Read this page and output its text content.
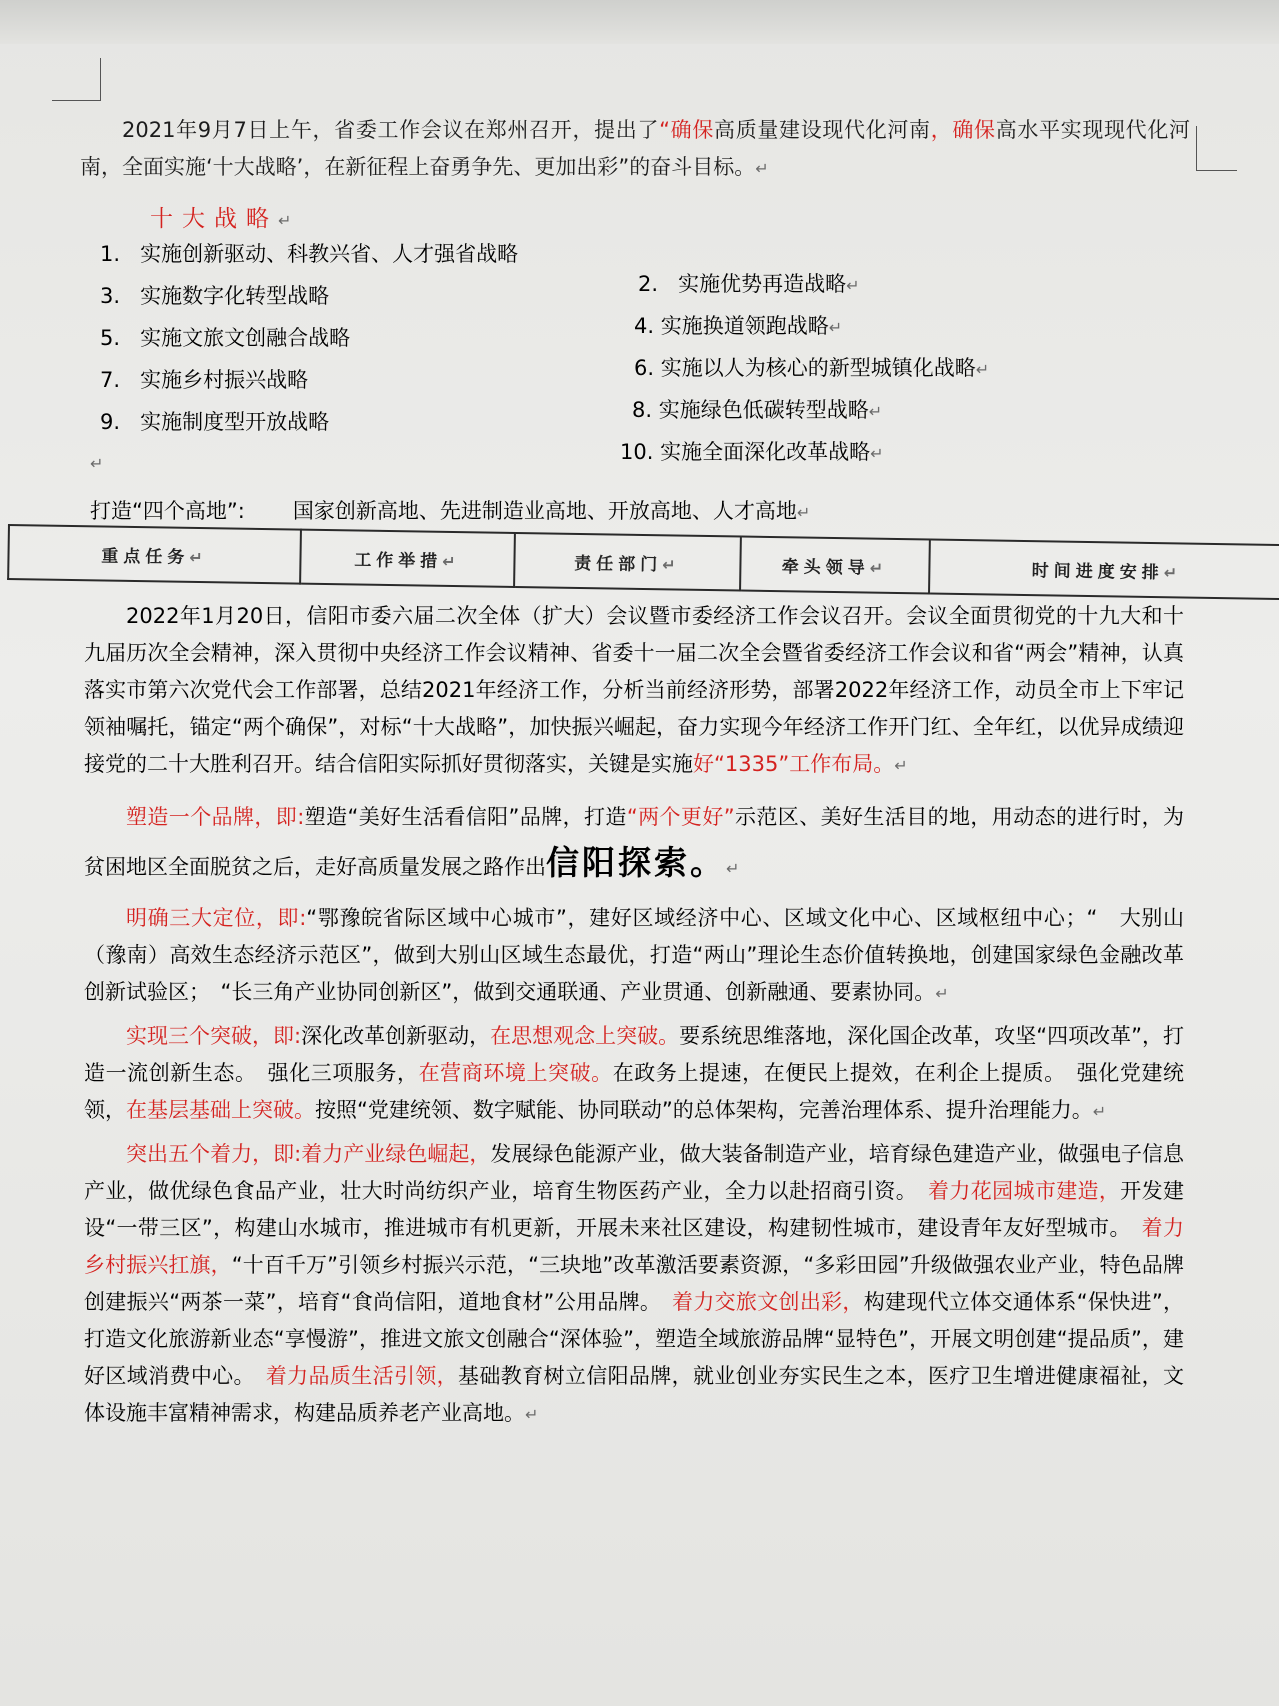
2021年9月7日上午，省委工作会议在郑州召开，提出了“确保高质量建设现代化河南，确保高水平实现现代化河南，全面实施‘十大战略’，在新征程上奋勇争先、更加出彩”的奋斗目标。↵

十大战略↵
1. 实施创新驱动、科教兴省、人才强省战略
3. 实施数字化转型战略
5. 实施文旅文创融合战略
7. 实施乡村振兴战略
9. 实施制度型开放战略
2. 实施优势再造战略↵
4. 实施换道领跑战略↵
6. 实施以人为核心的新型城镇化战略↵
8. 实施绿色低碳转型战略↵
10. 实施全面深化改革战略↵
↵
打造“四个高地”: 国家创新高地、先进制造业高地、开放高地、人才高地↵
重点任务↵	工作举措↵	责任部门↵	牵头领导↵	时间进度安排↵

2022年1月20日，信阳市委六届二次全体（扩大）会议暨市委经济工作会议召开。会议全面贯彻党的十九大和十九届历次全会精神，深入贯彻中央经济工作会议精神、省委十一届二次全会暨省委经济工作会议和省“两会”精神，认真落实市第六次党代会工作部署，总结2021年经济工作，分析当前经济形势，部署2022年经济工作，动员全市上下牢记领袖嘱托，锚定“两个确保”，对标“十大战略”，加快振兴崛起，奋力实现今年经济工作开门红、全年红，以优异成绩迎接党的二十大胜利召开。结合信阳实际抓好贯彻落实，关键是实施好“1335”工作布局。↵

塑造一个品牌，即:塑造“美好生活看信阳”品牌，打造“两个更好”示范区、美好生活目的地，用动态的进行时，为贫困地区全面脱贫之后，走好高质量发展之路作出信阳探索。↵

明确三大定位，即:“鄂豫皖省际区域中心城市”，建好区域经济中心、区域文化中心、区域枢纽中心；“　大别山（豫南）高效生态经济示范区”，做到大别山区域生态最优，打造“两山”理论生态价值转换地，创建国家绿色金融改革创新试验区；　“长三角产业协同创新区”，做到交通联通、产业贯通、创新融通、要素协同。↵

实现三个突破，即:深化改革创新驱动，在思想观念上突破。要系统思维落地，深化国企改革，攻坚“四项改革”，打造一流创新生态。　强化三项服务，在营商环境上突破。在政务上提速，在便民上提效，在利企上提质。　强化党建统领，在基层基础上突破。按照“党建统领、数字赋能、协同联动”的总体架构，完善治理体系、提升治理能力。↵

突出五个着力，即:着力产业绿色崛起，发展绿色能源产业，做大装备制造产业，培育绿色建造产业，做强电子信息产业，做优绿色食品产业，壮大时尚纺织产业，培育生物医药产业，全力以赴招商引资。　着力花园城市建造，开发建设“一带三区”，构建山水城市，推进城市有机更新，开展未来社区建设，构建韧性城市，建设青年友好型城市。　着力乡村振兴扛旗，“十百千万”引领乡村振兴示范，“三块地”改革激活要素资源，“多彩田园”升级做强农业产业，特色品牌创建振兴“两茶一菜”，培育“食尚信阳，道地食材”公用品牌。　着力交旅文创出彩，构建现代立体交通体系“保快进”，打造文化旅游新业态“享慢游”，推进文旅文创融合“深体验”，塑造全域旅游品牌“显特色”，开展文明创建“提品质”，建好区域消费中心。　着力品质生活引领，基础教育树立信阳品牌，就业创业夯实民生之本，医疗卫生增进健康福祉，文体设施丰富精神需求，构建品质养老产业高地。↵
